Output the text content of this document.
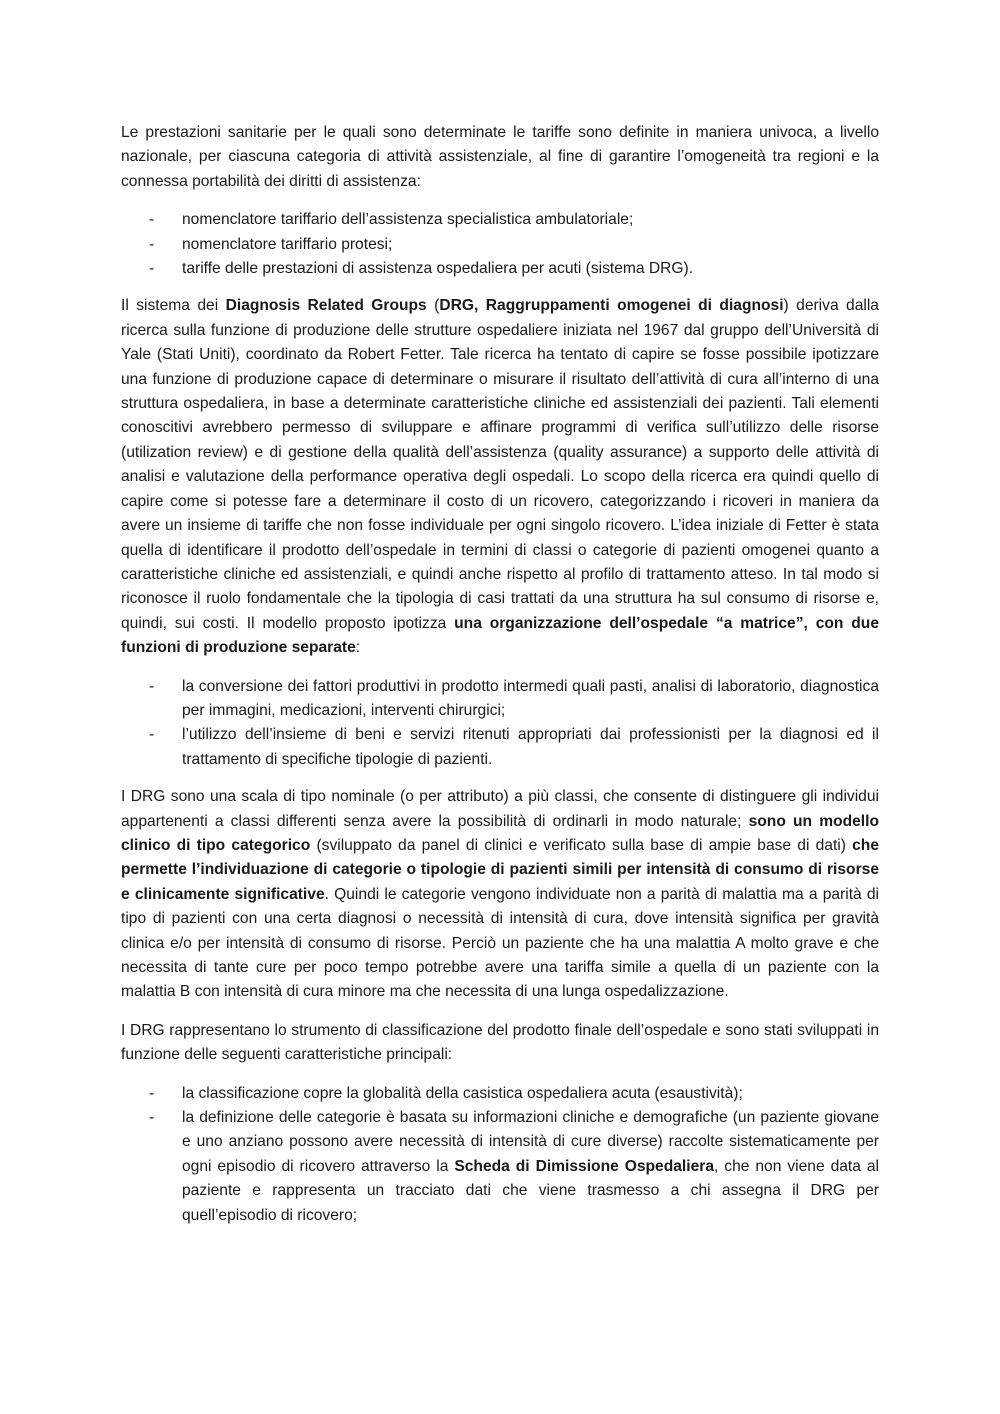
Le prestazioni sanitarie per le quali sono determinate le tariffe sono definite in maniera univoca, a livello nazionale, per ciascuna categoria di attività assistenziale, al fine di garantire l’omogeneità tra regioni e la connessa portabilità dei diritti di assistenza:

- nomenclatore tariffario dell’assistenza specialistica ambulatoriale;
- nomenclatore tariffario protesi;
- tariffe delle prestazioni di assistenza ospedaliera per acuti (sistema DRG).

Il sistema dei Diagnosis Related Groups (DRG, Raggruppamenti omogenei di diagnosi) deriva dalla ricerca sulla funzione di produzione delle strutture ospedaliere iniziata nel 1967 dal gruppo dell’Università di Yale (Stati Uniti), coordinato da Robert Fetter. Tale ricerca ha tentato di capire se fosse possibile ipotizzare una funzione di produzione capace di determinare o misurare il risultato dell’attività di cura all’interno di una struttura ospedaliera, in base a determinate caratteristiche cliniche ed assistenziali dei pazienti. Tali elementi conoscitivi avrebbero permesso di sviluppare e affinare programmi di verifica sull’utilizzo delle risorse (utilization review) e di gestione della qualità dell’assistenza (quality assurance) a supporto delle attività di analisi e valutazione della performance operativa degli ospedali. Lo scopo della ricerca era quindi quello di capire come si potesse fare a determinare il costo di un ricovero, categorizzando i ricoveri in maniera da avere un insieme di tariffe che non fosse individuale per ogni singolo ricovero. L’idea iniziale di Fetter è stata quella di identificare il prodotto dell’ospedale in termini di classi o categorie di pazienti omogenei quanto a caratteristiche cliniche ed assistenziali, e quindi anche rispetto al profilo di trattamento atteso. In tal modo si riconosce il ruolo fondamentale che la tipologia di casi trattati da una struttura ha sul consumo di risorse e, quindi, sui costi. Il modello proposto ipotizza una organizzazione dell’ospedale “a matrice”, con due funzioni di produzione separate:

- la conversione dei fattori produttivi in prodotto intermedi quali pasti, analisi di laboratorio, diagnostica per immagini, medicazioni, interventi chirurgici;
- l’utilizzo dell’insieme di beni e servizi ritenuti appropriati dai professionisti per la diagnosi ed il trattamento di specifiche tipologie di pazienti.

I DRG sono una scala di tipo nominale (o per attributo) a più classi, che consente di distinguere gli individui appartenenti a classi differenti senza avere la possibilità di ordinarli in modo naturale; sono un modello clinico di tipo categorico (sviluppato da panel di clinici e verificato sulla base di ampie base di dati) che permette l’individuazione di categorie o tipologie di pazienti simili per intensità di consumo di risorse e clinicamente significative. Quindi le categorie vengono individuate non a parità di malattia ma a parità di tipo di pazienti con una certa diagnosi o necessità di intensità di cura, dove intensità significa per gravità clinica e/o per intensità di consumo di risorse. Perciò un paziente che ha una malattia A molto grave e che necessita di tante cure per poco tempo potrebbe avere una tariffa simile a quella di un paziente con la malattia B con intensità di cura minore ma che necessita di una lunga ospedalizzazione.

I DRG rappresentano lo strumento di classificazione del prodotto finale dell’ospedale e sono stati sviluppati in funzione delle seguenti caratteristiche principali:

- la classificazione copre la globalità della casistica ospedaliera acuta (esaustività);
- la definizione delle categorie è basata su informazioni cliniche e demografiche (un paziente giovane e uno anziano possono avere necessità di intensità di cure diverse) raccolte sistematicamente per ogni episodio di ricovero attraverso la Scheda di Dimissione Ospedaliera, che non viene data al paziente e rappresenta un tracciato dati che viene trasmesso a chi assegna il DRG per quell’episodio di ricovero;
